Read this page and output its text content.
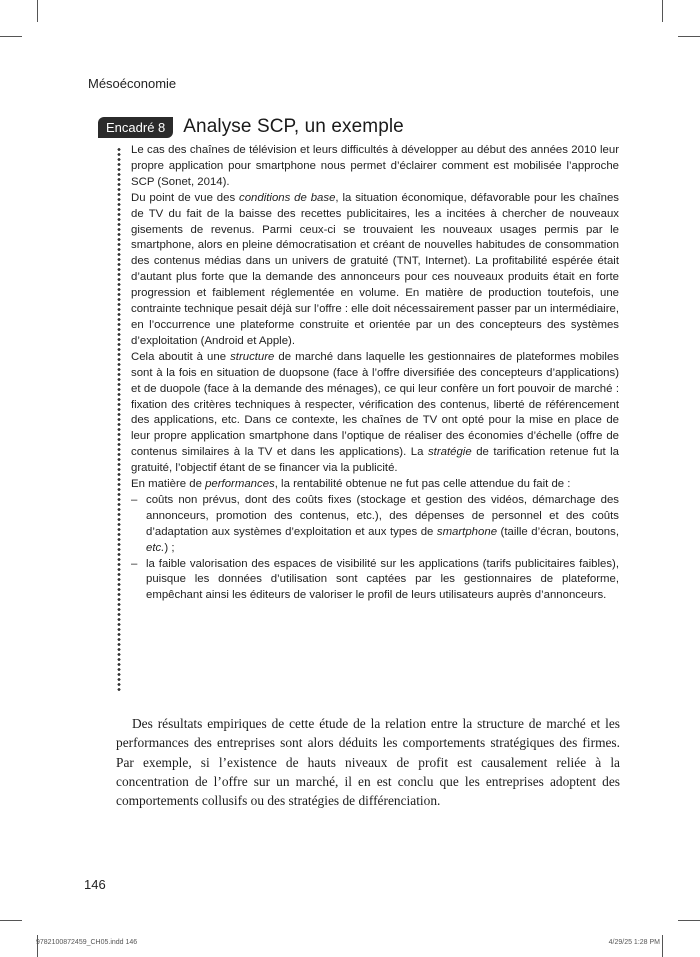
Mésoéconomie
Encadré 8 Analyse SCP, un exemple

Le cas des chaînes de télévision et leurs difficultés à développer au début des années 2010 leur propre application pour smartphone nous permet d’éclairer comment est mobilisée l’approche SCP (Sonet, 2014).

Du point de vue des conditions de base, la situation économique, défavorable pour les chaînes de TV du fait de la baisse des recettes publicitaires, les a incitées à chercher de nouveaux gisements de revenus. Parmi ceux-ci se trouvaient les nouveaux usages permis par le smartphone, alors en pleine démocratisation et créant de nouvelles habitudes de consommation des contenus médias dans un univers de gratuité (TNT, Internet). La profitabilité espérée était d’autant plus forte que la demande des annonceurs pour ces nouveaux produits était en forte progression et faiblement réglementée en volume. En matière de production toutefois, une contrainte technique pesait déjà sur l’offre : elle doit nécessairement passer par un intermédiaire, en l’occurrence une plateforme construite et orientée par un des concepteurs des systèmes d’exploitation (Android et Apple).

Cela aboutit à une structure de marché dans laquelle les gestionnaires de plateformes mobiles sont à la fois en situation de duopsone (face à l’offre diversifiée des concepteurs d’applications) et de duopole (face à la demande des ménages), ce qui leur confère un fort pouvoir de marché : fixation des critères techniques à respecter, vérification des contenus, liberté de référencement des applications, etc. Dans ce contexte, les chaînes de TV ont opté pour la mise en place de leur propre application smartphone dans l’optique de réaliser des économies d’échelle (offre de contenus similaires à la TV et dans les applications). La stratégie de tarification retenue fut la gratuité, l’objectif étant de se financer via la publicité.

En matière de performances, la rentabilité obtenue ne fut pas celle attendue du fait de :

– coûts non prévus, dont des coûts fixes (stockage et gestion des vidéos, démarchage des annonceurs, promotion des contenus, etc.), des dépenses de personnel et des coûts d’adaptation aux systèmes d’exploitation et aux types de smartphone (taille d’écran, boutons, etc.) ;
– la faible valorisation des espaces de visibilité sur les applications (tarifs publicitaires faibles), puisque les données d’utilisation sont captées par les gestionnaires de plateforme, empêchant ainsi les éditeurs de valoriser le profil de leurs utilisateurs auprès d’annonceurs.

Des résultats empiriques de cette étude de la relation entre la structure de marché et les performances des entreprises sont alors déduits les comportements stratégiques des firmes. Par exemple, si l’existence de hauts niveaux de profit est causalement reliée à la concentration de l’offre sur un marché, il en est conclu que les entreprises adoptent des comportements collusifs ou des stratégies de différenciation.

146
9782100872459_CH05.indd 146	4/29/25 1:28 PM
